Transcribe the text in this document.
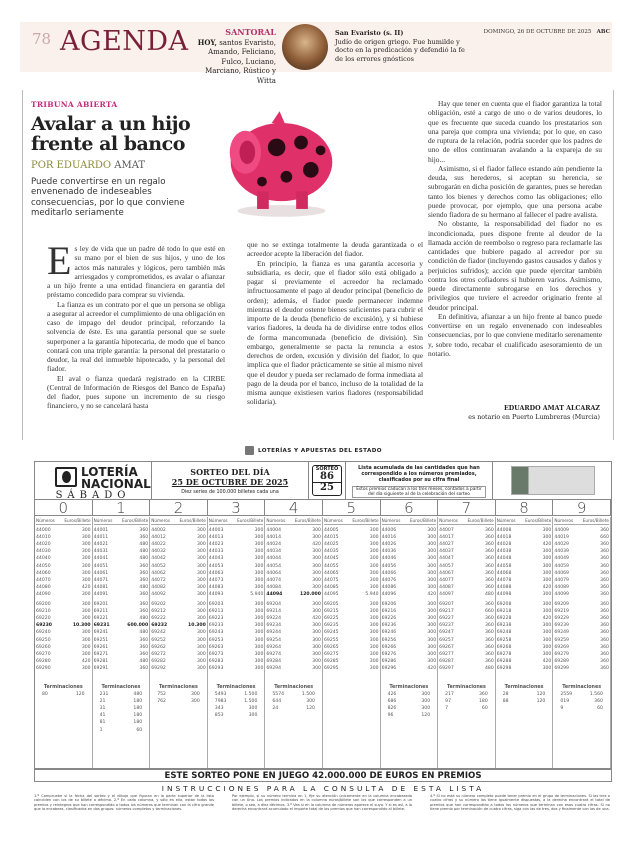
78 AGENDA	SANTORAL
HOY, santos Evaristo, Amando, Feliciano, Fulco, Luciano, Marciano, Rústico y Witta
San Evaristo (s. II)
Judío de origen griego. Fue humilde y docto en la predicación y defendió la fe de los errores gnósticos
DOMINGO, 26 DE OCTUBRE DE 2025 ABC
TRIBUNA ABIERTA
Avalar a un hijo frente al banco
POR EDUARDO AMAT
Puede convertirse en un regalo envenenado de indeseables consecuencias, por lo que conviene meditarlo seriamente

Es ley de vida que un padre dé todo lo que esté en su mano por el bien de sus hijos, y uno de los actos más naturales y lógicos, pero también más arriesgados y comprometidos, es avalar o afianzar a un hijo frente a una entidad financiera en garantía del préstamo concedido para comprar su vivienda.

La fianza es un contrato por el que un persona se obliga a asegurar al acreedor el cumplimiento de una obligación en caso de impago del deudor principal, reforzando la solvencia de éste. Es una garantía personal que se suele superponer a la garantía hipotecaria, de modo que el banco contará con una triple garantía: la personal del prestatario o deudor, la real del inmueble hipotecado, y la personal del fiador.

El aval o fianza quedará registrado en la CIRBE (Central de Información de Riesgos del Banco de España) del fiador, pues supone un incremento de su riesgo financiero, y no se cancelará hasta

que no se extinga totalmente la deuda garantizada o el acreedor acepte la liberación del fiador.

En principio, la fianza es una garantía accesoria y subsidiaria, es decir, que el fiador sólo está obligado a pagar si previamente el acreedor ha reclamado infructuosamente el pago al deudor principal (beneficio de orden); además, el fiador puede permanecer indemne mientras el deudor ostente bienes suficientes para cubrir el importe de la deuda (beneficio de excusión), y si hubiese varios fiadores, la deuda ha de dividirse entre todos ellos de forma mancomunada (beneficio de división). Sin embargo, generalmente se pacta la renuncia a estos derechos de orden, excusión y división del fiador, lo que implica que el fiador prácticamente se sitúe al mismo nivel que el deudor y pueda ser reclamado de forma inmediata al pago de la deuda por el banco, incluso de la totalidad de la misma aunque existiesen varios fiadores (responsabilidad solidaria).

Hay que tener en cuenta que el fiador garantiza la total obligación, esté a cargo de uno o de varios deudores, lo que es frecuente que suceda cuando los prestatarios son una pareja que compra una vivienda; por lo que, en caso de ruptura de la relación, podría suceder que los padres de uno de ellos continuaran avalando a la expareja de su hijo...

Asimismo, si el fiador fallece estando aún pendiente la deuda, sus herederos, si aceptan su herencia, se subrogarán en dicha posición de garantes, pues se heredan tanto los bienes y derechos como las obligaciones; ello puede provocar, por ejemplo, que una persona acabe siendo fiadora de su hermano al fallecer el padre avalista.

No obstante, la responsabilidad del fiador no es incondicionada, pues dispone frente al deudor de la llamada acción de reembolso o regreso para reclamarle las cantidades que hubiere pagado al acreedor por su condición de fiador (incluyendo gastos causados y daños y perjuicios sufridos); acción que puede ejercitar también contra los otros cofiadores si hubieren varios. Asimismo, puede directamente subrogarse en los derechos y privilegios que tuviere el acreedor originario frente al deudor principal.

En definitiva, afianzar a un hijo frente al banco puede convertirse en un regalo envenenado con indeseables consecuencias, por lo que conviene meditarlo serenamente y, sobre todo, recabar el cualificado asesoramiento de un notario.

EDUARDO AMAT ALCARAZ
es notario en Puerto Lumbreras (Murcia)
LOTERÍAS Y APUESTAS DEL ESTADO
LOTERÍA
NACIONAL
SÁBADO
SORTEO DEL DÍA
25 DE OCTUBRE DE 2025
Diez series de 100.000 billetes cada una
SORTEO
86
25
Lista acumulada de las cantidades que han correspondido a los números premiados, clasificados por su cifra final
Estos premios caducan a los tres meses, contados a partir del día siguiente al de la celebración del sorteo
0	1	2	3	4	5	6	7	8	9
Números Euros/Billete
44000	300
44010	300
44020	300
44030	300
44040	300
44050	300
44060	300
44070	300
44080	420
44090	300
69200	300
69210	300
69220	300
69230	10.300
69240	300
69250	300
69260	300
69270	300
69280	420
69290	300
Terminaciones
80	120
Números Euros/Billete
44001	360
44011	360
44021	480
44031	480
44041	480
44051	360
44061	360
44071	360
44081	480
44091	360
69201	360
69211	360
69221	480
69231	600.000
69241	480
69251	360
69261	360
69271	360
69281	480
69291	360
Terminaciones
231	480
21	180
31	180
41	180
81	180
1	60
Números Euros/Billete
44002	300
44012	300
44022	300
44032	300
44042	300
44052	300
44062	300
44072	300
44082	300
44092	300
69202	300
69212	300
69222	300
69232	10.300
69242	300
69252	300
69262	300
69272	300
69282	300
69292	300
Terminaciones
752	300
762	300
Números Euros/Billete
44003	300
44013	300
44023	300
44033	300
44043	300
44053	300
44063	300
44073	300
44083	300
44093	5.940
69203	300
69213	300
69223	300
69233	300
69243	300
69253	300
69263	300
69273	300
69283	300
69293	300
Terminaciones
5493	1.500
7983	1.500
343	300
853	300
Números Euros/Billete
44004	300
44014	300
44024	420
44034	300
44044	300
44054	300
44064	300
44074	300
44084	300
44094	120.000
69204	300
69214	300
69224	420
69234	300
69244	300
69254	300
69264	300
69274	300
69284	300
69294	300
Terminaciones
5574	1.500
644	300
24	120
Números Euros/Billete
44005	300
44015	300
44025	300
44035	300
44045	300
44055	300
44065	300
44075	300
44085	300
44095	5.940
69205	300
69215	300
69225	300
69235	300
69245	300
69255	300
69265	300
69275	300
69285	300
69295	300
Números Euros/Billete
44006	300
44016	300
44026	300
44036	300
44046	300
44056	300
44066	300
44076	300
44086	300
44096	420
69206	300
69216	300
69226	300
69236	300
69246	300
69256	300
69266	300
69276	300
69286	300
69296	420
Terminaciones
426	300
686	300
826	300
96	120
Números Euros/Billete
44007	360
44017	360
44027	360
44037	360
44047	360
44057	360
44067	360
44077	360
44087	360
44097	480
69207	360
69217	660
69227	360
69237	360
69247	360
69257	360
69267	360
69277	360
69287	360
69297	480
Terminaciones
217	360
97	180
7	60
Números Euros/Billete
44008	300
44018	300
44028	420
44038	300
44048	300
44058	300
44068	300
44078	300
44088	420
44098	300
69208	300
69218	300
69228	420
69238	300
69248	300
69258	300
69268	300
69278	300
69288	420
69298	300
Terminaciones
28	120
88	120
Números Euros/Billete
44009	360
44019	660
44029	360
44039	360
44049	360
44059	360
44069	360
44079	360
44089	360
44099	360
69209	360
69219	360
69229	360
69239	360
69249	360
69259	360
69269	360
69279	360
69289	360
69299	360
Terminaciones
2559	1.560
019	360
9	60
ESTE SORTEO PONE EN JUEGO 42.000.000 DE EUROS EN PREMIOS
INSTRUCCIONES PARA LA CONSULTA DE ESTA LISTA
1.º Compruebe si la fecha del sorteo y el dibujo que figuran en la parte superior de la lista coinciden con los de su billete o décimo. 2.º En cada columna, y sólo en ella, están todos los premios y reintegros que han correspondido a todos los números que terminan con la cifra grande que la encabeza, clasificados en dos grupos: números completos y terminaciones.
Por ejemplo, si su número termina en 1, fije su atención únicamente en la columna encabezada con un Uno. Los premios indicados en la columna euros/billete son los que corresponden a un billete, o sea, a diez décimos. 3.º Vea si en la columna de números aparece el suyo. Y si es así, a la derecha encontrará acumulado el importe total de los premios que han correspondido al billete.
4.º Si no está su número completo puede tener premio en el grupo de terminaciones. Si las tres o cuatro cifras y su número las tiene igualmente dispuestas, a la derecha encontrará el total de premios que han correspondido a todos los números que terminan con esas cuatro cifras. Si no tiene premio por terminación de cuatro cifras, siga con las de tres, dos y finalmente con las de una.
